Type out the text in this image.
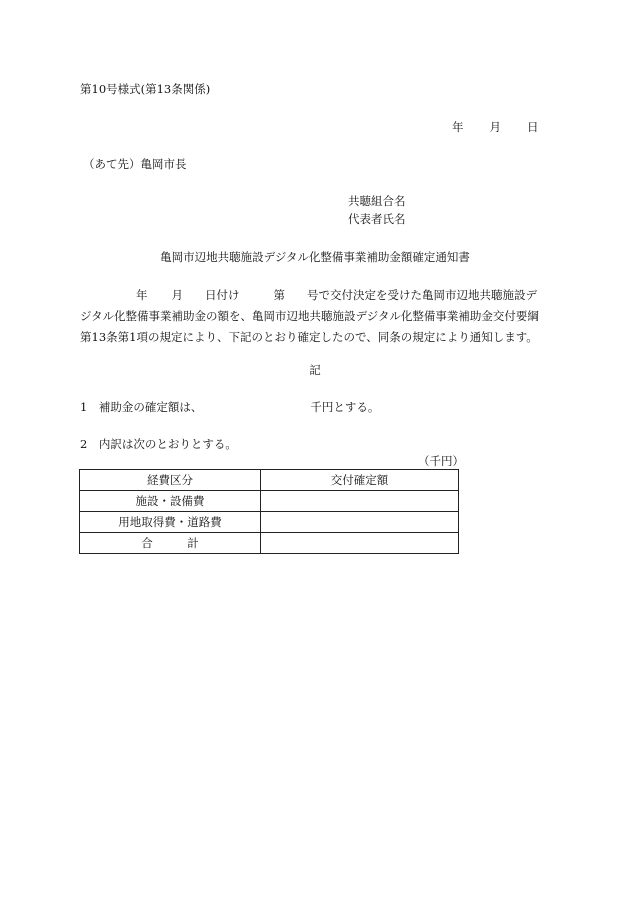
第10号様式(第13条関係)
年 月 日
（あて先）亀岡市長
共聴組合名
代表者氏名
亀岡市辺地共聴施設デジタル化整備事業補助金額確定通知書
年 月 日付け	第 号で交付決定を受けた亀岡市辺地共聴施設デ
ジタル化整備事業補助金の額を、亀岡市辺地共聴施設デジタル化整備事業補助金交付要綱
第13条第1項の規定により、下記のとおり確定したので、同条の規定により通知します。
記
1　補助金の確定額は、	千円とする。
2　内訳は次のとおりとする。
（千円）
経費区分	交付確定額
施設・設備費	
用地取得費・道路費	
合　　　計	
